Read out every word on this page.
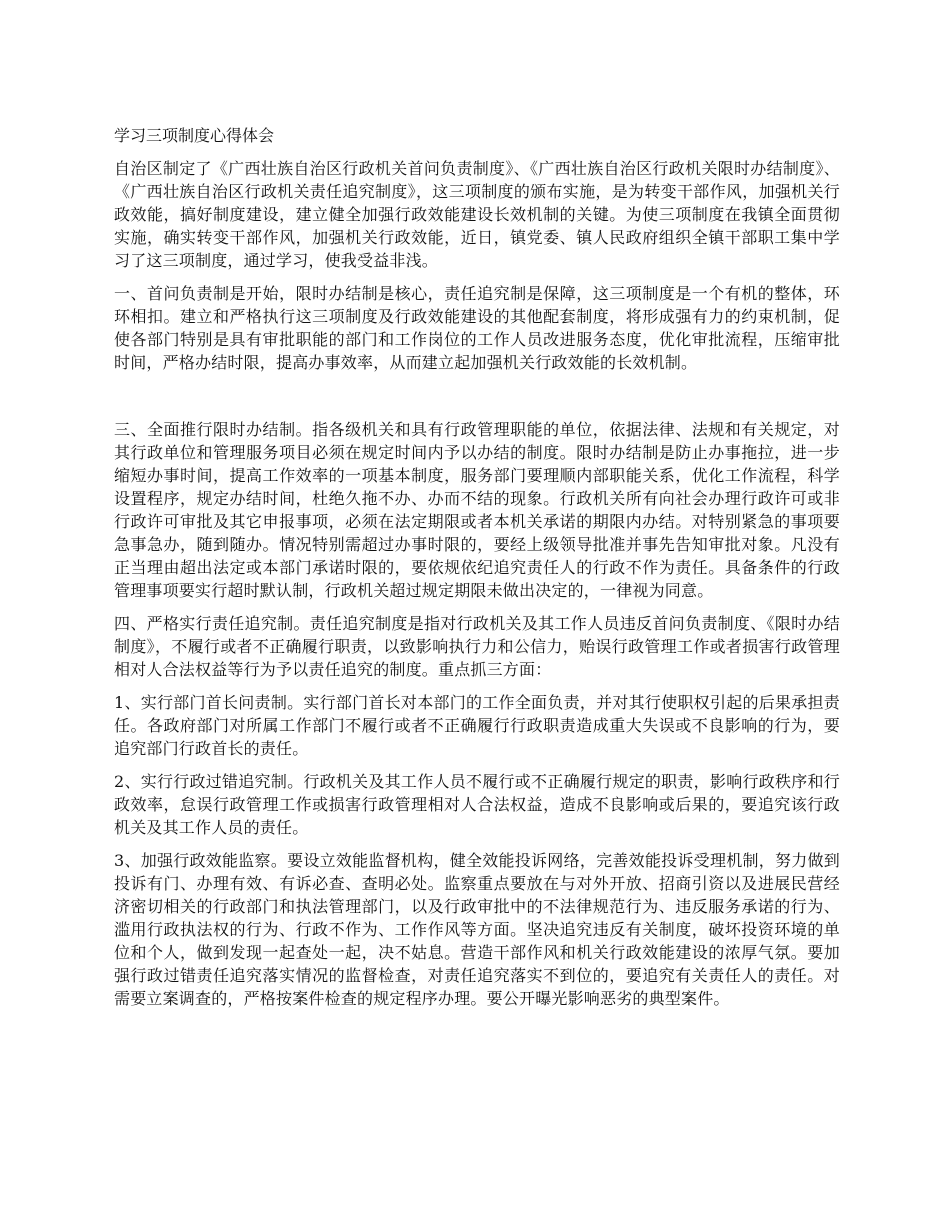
学习三项制度心得体会

自治区制定了《广西壮族自治区行政机关首问负责制度》、《广西壮族自治区行政机关限时办结制度》、《广西壮族自治区行政机关责任追究制度》，这三项制度的颁布实施，是为转变干部作风，加强机关行政效能，搞好制度建设，建立健全加强行政效能建设长效机制的关键。为使三项制度在我镇全面贯彻实施，确实转变干部作风，加强机关行政效能，近日，镇党委、镇人民政府组织全镇干部职工集中学习了这三项制度，通过学习，使我受益非浅。

一、首问负责制是开始，限时办结制是核心，责任追究制是保障，这三项制度是一个有机的整体，环环相扣。建立和严格执行这三项制度及行政效能建设的其他配套制度，将形成强有力的约束机制，促使各部门特别是具有审批职能的部门和工作岗位的工作人员改进服务态度，优化审批流程，压缩审批时间，严格办结时限，提高办事效率，从而建立起加强机关行政效能的长效机制。

三、全面推行限时办结制。指各级机关和具有行政管理职能的单位，依据法律、法规和有关规定，对其行政单位和管理服务项目必须在规定时间内予以办结的制度。限时办结制是防止办事拖拉，进一步缩短办事时间，提高工作效率的一项基本制度，服务部门要理顺内部职能关系，优化工作流程，科学设置程序，规定办结时间，杜绝久拖不办、办而不结的现象。行政机关所有向社会办理行政许可或非行政许可审批及其它申报事项，必须在法定期限或者本机关承诺的期限内办结。对特别紧急的事项要急事急办，随到随办。情况特别需超过办事时限的，要经上级领导批准并事先告知审批对象。凡没有正当理由超出法定或本部门承诺时限的，要依规依纪追究责任人的行政不作为责任。具备条件的行政管理事项要实行超时默认制，行政机关超过规定期限未做出决定的，一律视为同意。

四、严格实行责任追究制。责任追究制度是指对行政机关及其工作人员违反首问负责制度、《限时办结制度》，不履行或者不正确履行职责，以致影响执行力和公信力，贻误行政管理工作或者损害行政管理相对人合法权益等行为予以责任追究的制度。重点抓三方面：

1、实行部门首长问责制。实行部门首长对本部门的工作全面负责，并对其行使职权引起的后果承担责任。各政府部门对所属工作部门不履行或者不正确履行行政职责造成重大失误或不良影响的行为，要追究部门行政首长的责任。

2、实行行政过错追究制。行政机关及其工作人员不履行或不正确履行规定的职责，影响行政秩序和行政效率，怠误行政管理工作或损害行政管理相对人合法权益，造成不良影响或后果的，要追究该行政机关及其工作人员的责任。

3、加强行政效能监察。要设立效能监督机构，健全效能投诉网络，完善效能投诉受理机制，努力做到投诉有门、办理有效、有诉必查、查明必处。监察重点要放在与对外开放、招商引资以及进展民营经济密切相关的行政部门和执法管理部门，以及行政审批中的不法律规范行为、违反服务承诺的行为、滥用行政执法权的行为、行政不作为、工作作风等方面。坚决追究违反有关制度，破坏投资环境的单位和个人，做到发现一起查处一起，决不姑息。营造干部作风和机关行政效能建设的浓厚气氛。要加强行政过错责任追究落实情况的监督检查，对责任追究落实不到位的，要追究有关责任人的责任。对需要立案调查的，严格按案件检查的规定程序办理。要公开曝光影响恶劣的典型案件。
